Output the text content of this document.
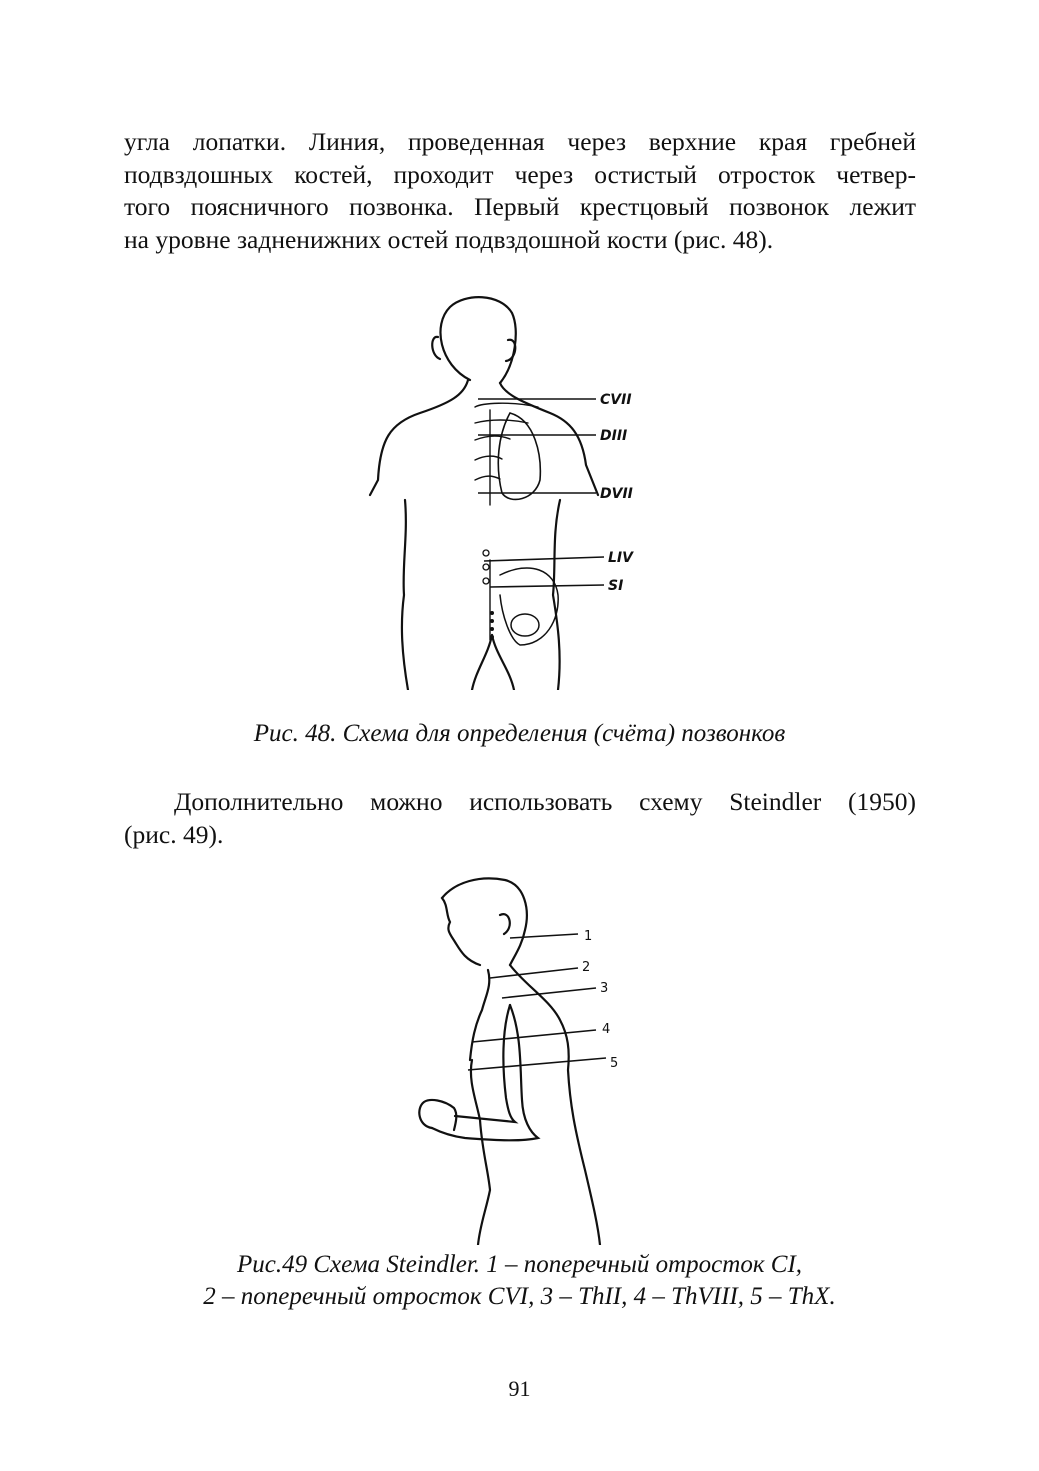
угла лопатки. Линия, проведенная через верхние края гребней
подвздошных костей, проходит через остистый отросток четвер-
того поясничного позвонка. Первый крестцовый позвонок лежит
на уровне задненижних остей подвздошной кости (рис. 48).
CVII
DIII
DVII
LIV
SI
Рис. 48. Схема для определения (счёта) позвонков
Дополнительно можно использовать схему Steindler (1950)
(рис. 49).
1
2
3
4
5
Рис.49 Схема Steindler. 1 – поперечный отросток CI,
2 – поперечный отросток CVI, 3 – ThII, 4 – ThVIII, 5 – ThX.
91
